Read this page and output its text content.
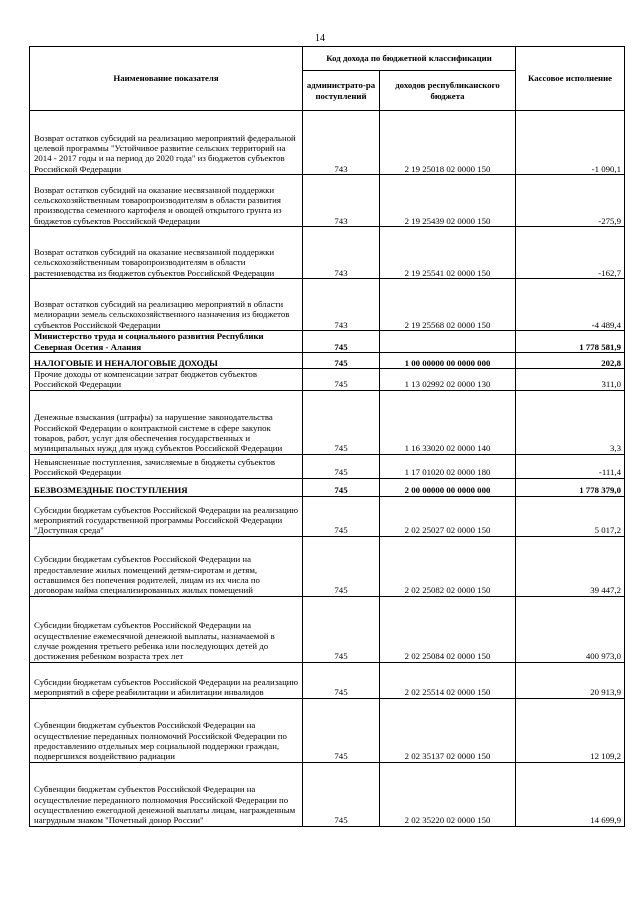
14
Наименование показателя	Код дохода по бюджетной классификации		Кассовое исполнение
	администрато-ра поступлений	доходов республиканского бюджета	
Возврат остатков субсидий на реализацию мероприятий федеральной целевой программы "Устойчивое развитие сельских территорий на 2014 - 2017 годы и на период до 2020 года" из бюджетов субъектов Российской Федерации	743	2 19 25018 02 0000 150	-1 090,1
Возврат остатков субсидий на оказание несвязанной поддержки сельскохозяйственным товаропроизводителям в области развития производства семенного картофеля и овощей открытого грунта из бюджетов субъектов Российской Федерации	743	2 19 25439 02 0000 150	-275,9
Возврат остатков субсидий на оказание несвязанной поддержки сельскохозяйственным товаропроизводителям в области растениеводства из бюджетов субъектов Российской Федерации	743	2 19 25541 02 0000 150	-162,7
Возврат остатков субсидий на реализацию мероприятий в области мелиорации земель сельскохозяйственного назначения из бюджетов субъектов Российской Федерации	743	2 19 25568 02 0000 150	-4 489,4
Министерство труда и социального развития Республики Северная Осетия - Алания	745		1 778 581,9
НАЛОГОВЫЕ И НЕНАЛОГОВЫЕ ДОХОДЫ	745	1 00 00000 00 0000 000	202,8
Прочие доходы от компенсации затрат бюджетов субъектов Российской Федерации	745	1 13 02992 02 0000 130	311,0
Денежные взыскания (штрафы) за нарушение законодательства Российской Федерации о контрактной системе в сфере закупок товаров, работ, услуг для обеспечения государственных и муниципальных нужд для нужд субъектов Российской Федерации	745	1 16 33020 02 0000 140	3,3
Невыясненные поступления, зачисляемые в бюджеты субъектов Российской Федерации	745	1 17 01020 02 0000 180	-111,4
БЕЗВОЗМЕЗДНЫЕ ПОСТУПЛЕНИЯ	745	2 00 00000 00 0000 000	1 778 379,0
Субсидии бюджетам субъектов Российской Федерации на реализацию мероприятий государственной программы Российской Федерации "Доступная среда"	745	2 02 25027 02 0000 150	5 017,2
Субсидии бюджетам субъектов Российской Федерации на предоставление жилых помещений детям-сиротам и детям, оставшимся без попечения родителей, лицам из их числа по договорам найма специализированных жилых помещений	745	2 02 25082 02 0000 150	39 447,2
Субсидии бюджетам субъектов Российской Федерации на осуществление ежемесячной денежной выплаты, назначаемой в случае рождения третьего ребенка или последующих детей до достижения ребенком возраста трех лет	745	2 02 25084 02 0000 150	400 973,0
Субсидии бюджетам субъектов Российской Федерации на реализацию мероприятий в сфере реабилитации и абилитации инвалидов	745	2 02 25514 02 0000 150	20 913,9
Субвенции бюджетам субъектов Российской Федерации на осуществление переданных полномочий Российской Федерации по предоставлению отдельных мер социальной поддержки граждан, подвергшихся воздействию радиации	745	2 02 35137 02 0000 150	12 109,2
Субвенции бюджетам субъектов Российской Федерации на осуществление переданного полномочия Российской Федерации по осуществлению ежегодной денежной выплаты лицам, награжденным нагрудным знаком "Почетный донор России"	745	2 02 35220 02 0000 150	14 699,9
